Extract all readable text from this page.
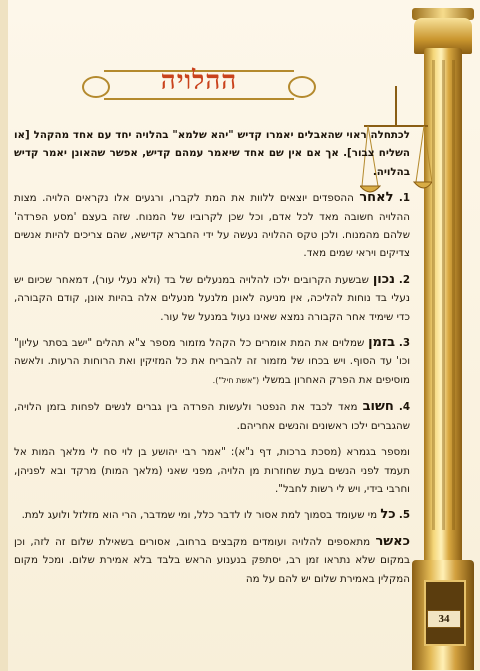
34
ההלויה

לכתחלה ראוי שהאבלים יאמרו קדיש "יהא שלמא" בהלויה יחד עם אחד מהקהל [או השליח צבור]. אך אם אין שם אחד שיאמר עמהם קדיש, אפשר שהאונן יאמר קדיש בהלויה.

1. לאחר ההספדים יוצאים ללוות את המת לקברו, ורגעים אלו נקראים הלויה. מצות ההלויה חשובה מאד לכל אדם, וכל שכן לקרוביו של המנוח. שזה בעצם 'מסע הפרדה' שלהם מהמנוח. ולכן טקס ההלויה נעשה על ידי החברא קדישא, שהם צריכים להיות אנשים צדיקים ויראי שמים מאד.

2. נכון שבשעת הקרובים ילכו להלויה במנעלים של בד (ולא נעלי עור), דמאחר שכיום יש נעלי בד נוחות להליכה, אין מניעה לאונן מלנעל מנעלים אלה בהיות אונן, קודם הקבורה, כדי שימיד אחר הקבורה נמצא שאינו נעול במנעל של עור.

3. בזמן שמלוים את המת אומרים כל הקהל מזמור מספר צ"א תהלים "ישב בסתר עליון" וכו' עד הסוף. ויש בכחו של מזמור זה להבריח את כל המזיקין ואת הרוחות הרעות. ולאשה מוסיפים את הפרק האחרון במשלי ("אשת חיל").

4. חשוב מאד לכבד את הנפטר ולעשות הפרדה בין גברים לנשים לפחות בזמן הלויה, שהגברים ילכו ראשונים והנשים אחריהם.

ומספר בגמרא (מסכת ברכות, דף נ"א): "אמר רבי יהושע בן לוי סח לי מלאך המות אל תעמד לפני הנשים בעת שחוזרות מן הלויה, מפני שאני (מלאך המות) מרקד ובא לפניהן, וחרבי בידי, ויש לי רשות לחבל".

5. כל מי שעומד בסמוך למת אסור לו לדבר כלל, ומי שמדבר, הרי הוא מזלזל ולועג למת.

כאשר מתאספים להלויה ועומדים מקבצים ברחוב, אסורים בשאילת שלום זה לזה, וכן במקום שלא נתראו זמן רב, יסתפק בנענוע הראש בלבד בלא אמירת שלום. ומכל מקום המקלין באמירת שלום יש להם על מה
